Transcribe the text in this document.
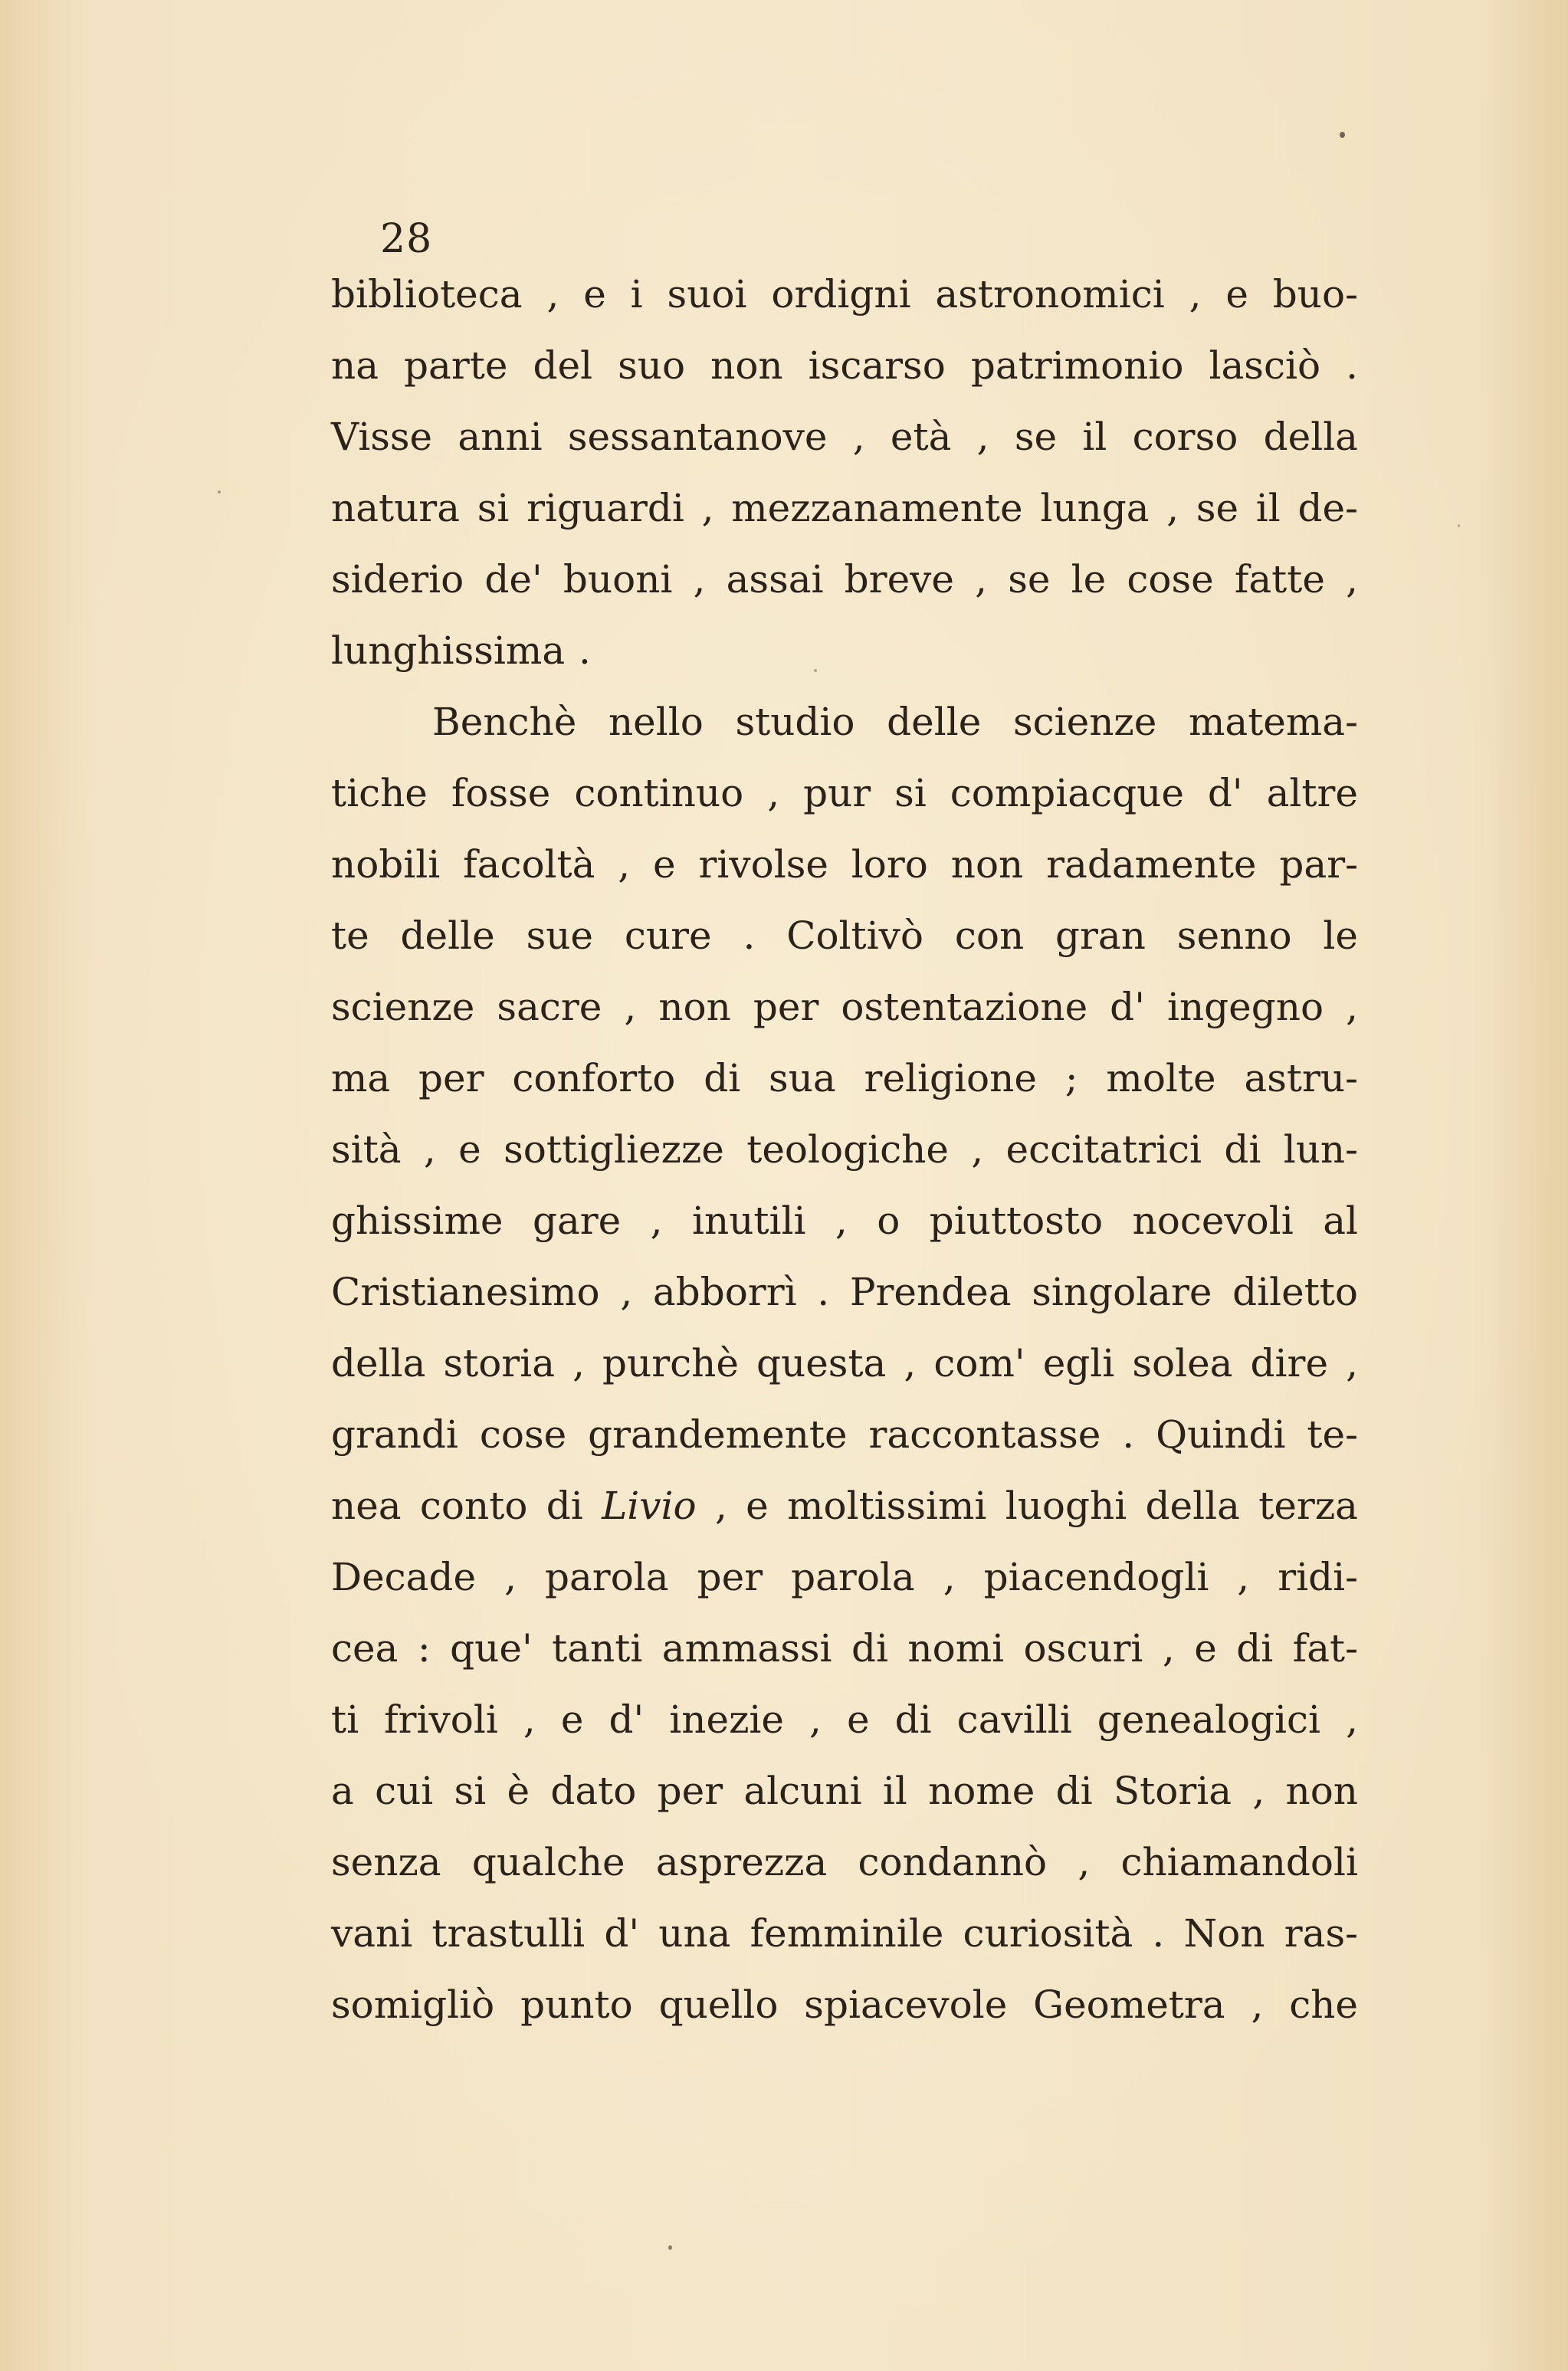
28
biblioteca , e i suoi ordigni astronomici , e buo-
na parte del suo non iscarso patrimonio lasciò .
Visse anni sessantanove , età , se il corso della
natura si riguardi , mezzanamente lunga , se il de-
siderio de' buoni , assai breve , se le cose fatte ,
lunghissima .
Benchè nello studio delle scienze matema-
tiche fosse continuo , pur si compiacque d' altre
nobili facoltà , e rivolse loro non radamente par-
te delle sue cure . Coltivò con gran senno le
scienze sacre , non per ostentazione d' ingegno ,
ma per conforto di sua religione ; molte astru-
sità , e sottigliezze teologiche , eccitatrici di lun-
ghissime gare , inutili , o piuttosto nocevoli al
Cristianesimo , abborrì . Prendea singolare diletto
della storia , purchè questa , com' egli solea dire ,
grandi cose grandemente raccontasse . Quindi te-
nea conto di Livio , e moltissimi luoghi della terza
Decade , parola per parola , piacendogli , ridi-
cea : que' tanti ammassi di nomi oscuri , e di fat-
ti frivoli , e d' inezie , e di cavilli genealogici ,
a cui si è dato per alcuni il nome di Storia , non
senza qualche asprezza condannò , chiamandoli
vani trastulli d' una femminile curiosità . Non ras-
somigliò punto quello spiacevole Geometra , che
